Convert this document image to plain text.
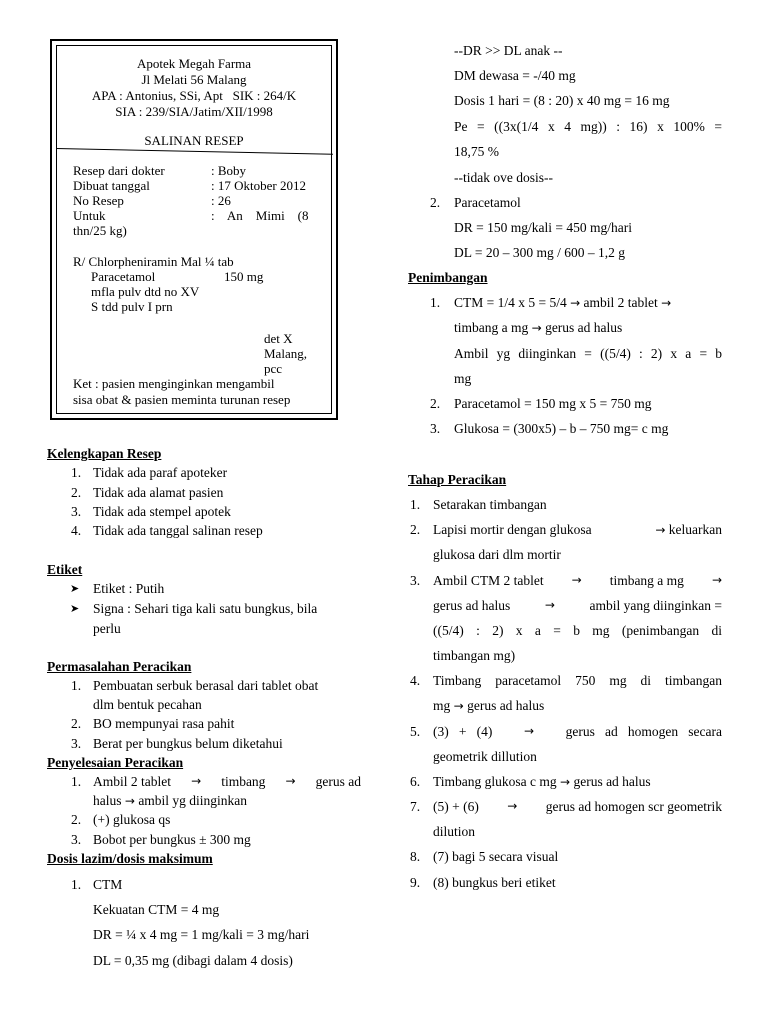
Apotek Megah Farma
Jl Melati 56 Malang
APA : Antonius, SSi, Apt   SIK : 264/K
SIA : 239/SIA/Jatim/XII/1998
SALINAN RESEP
Resep dari dokter	: Boby
Dibuat tanggal	: 17 Oktober 2012
No Resep	: 26
Untuk	:    An    Mimi    (8
thn/25 kg)
R/ Chlorpheniramin Mal ¼ tab
Paracetamol	150 mg
mfla pulv dtd no XV
S tdd pulv I prn
det X
Malang,
pcc
Ket : pasien menginginkan mengambil
sisa obat & pasien meminta turunan resep
Kelengkapan Resep
1. Tidak ada paraf apoteker
2. Tidak ada alamat pasien
3. Tidak ada stempel apotek
4. Tidak ada tanggal salinan resep
Etiket
➤ Etiket : Putih
➤ Signa : Sehari tiga kali satu bungkus, bila
perlu
Permasalahan Peracikan
1. Pembuatan serbuk berasal dari tablet obat
dlm bentuk pecahan
2. BO mempunyai rasa pahit
3. Berat per bungkus belum diketahui
Penyelesaian Peracikan
1. Ambil 2 tablet → timbang → gerus ad
halus → ambil yg diinginkan
2. (+) glukosa qs
3. Bobot per bungkus ± 300 mg
Dosis lazim/dosis maksimum
1. CTM
Kekuatan CTM = 4 mg
DR = ¼ x 4 mg = 1 mg/kali = 3 mg/hari
DL = 0,35 mg (dibagi dalam 4 dosis)
--DR >> DL anak --
DM dewasa = -/40 mg
Dosis 1 hari = (8 : 20) x 40 mg = 16 mg
Pe = ((3x(1/4 x 4 mg)) : 16) x 100% =
18,75 %
--tidak ove dosis--
2. Paracetamol
DR = 150 mg/kali = 450 mg/hari
DL = 20 – 300 mg / 600 – 1,2 g
Penimbangan
1. CTM = 1/4 x 5 = 5/4 → ambil 2 tablet →
timbang a mg → gerus ad halus
Ambil yg diinginkan = ((5/4) : 2) x a = b
mg
2. Paracetamol = 150 mg x 5 = 750 mg
3. Glukosa = (300x5) – b – 750 mg= c mg
Tahap Peracikan
1. Setarakan timbangan
2. Lapisi mortir dengan glukosa	→ keluarkan
glukosa dari dlm mortir
3. Ambil CTM 2 tablet → timbang a mg →
gerus ad halus	→	ambil yang diinginkan =
((5/4) : 2) x a = b mg (penimbangan di
timbangan mg)
4. Timbang paracetamol 750 mg di timbangan
mg → gerus ad halus
5. (3)   +   (4)	→ gerus   ad   homogen   secara
geometrik dillution
6. Timbang glukosa c mg → gerus ad halus
7. (5) + (6) → gerus ad homogen scr geometrik
dilution
8. (7) bagi 5 secara visual
9. (8) bungkus beri etiket
